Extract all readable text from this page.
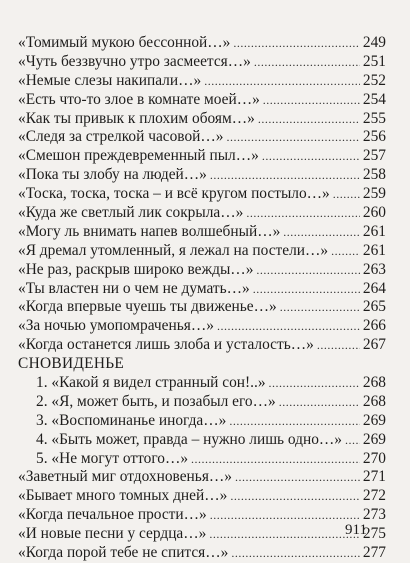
«Томимый мукою бессонной…» .....	249
«Чуть беззвучно утро засмеется…» .....	251
«Немые слезы накипали…» .....	252
«Есть что-то злое в комнате моей…» .....	254
«Как ты привык к плохим обоям…» .....	255
«Следя за стрелкой часовой…» .....	256
«Смешон преждевременный пыл…» .....	257
«Пока ты злобу на людей…» .....	258
«Тоска, тоска, тоска – и всё кругом постыло…» ..... 259
«Куда же светлый лик сокрыла…» .....	260
«Могу ль внимать напев волшебный…» .....	261
«Я дремал утомленный, я лежал на постели…» ..... 261
«Не раз, раскрыв широко вежды…» .....	263
«Ты властен ни о чем не думать…» .....	264
«Когда впервые чуешь ты движенье…» .....	265
«За ночью умопомраченья…» .....	266
«Когда останется лишь злоба и усталость…» .....	267
СНОВИДЕНЬЕ
1. «Какой я видел странный сон!..» .....	268
2. «Я, может быть, и позабыл его…» .....	268
3. «Воспоминанье иногда…» .....	269
4. «Быть может, правда – нужно лишь одно…» ..... 269
5. «Не могут оттого…» .....	270
«Заветный миг отдохновенья…» .....	271
«Бывает много томных дней…» .....	272
«Когда печальное прости…» .....	273
«И новые песни у сердца…» .....	275
«Когда порой тебе не спится…» .....	277
911
